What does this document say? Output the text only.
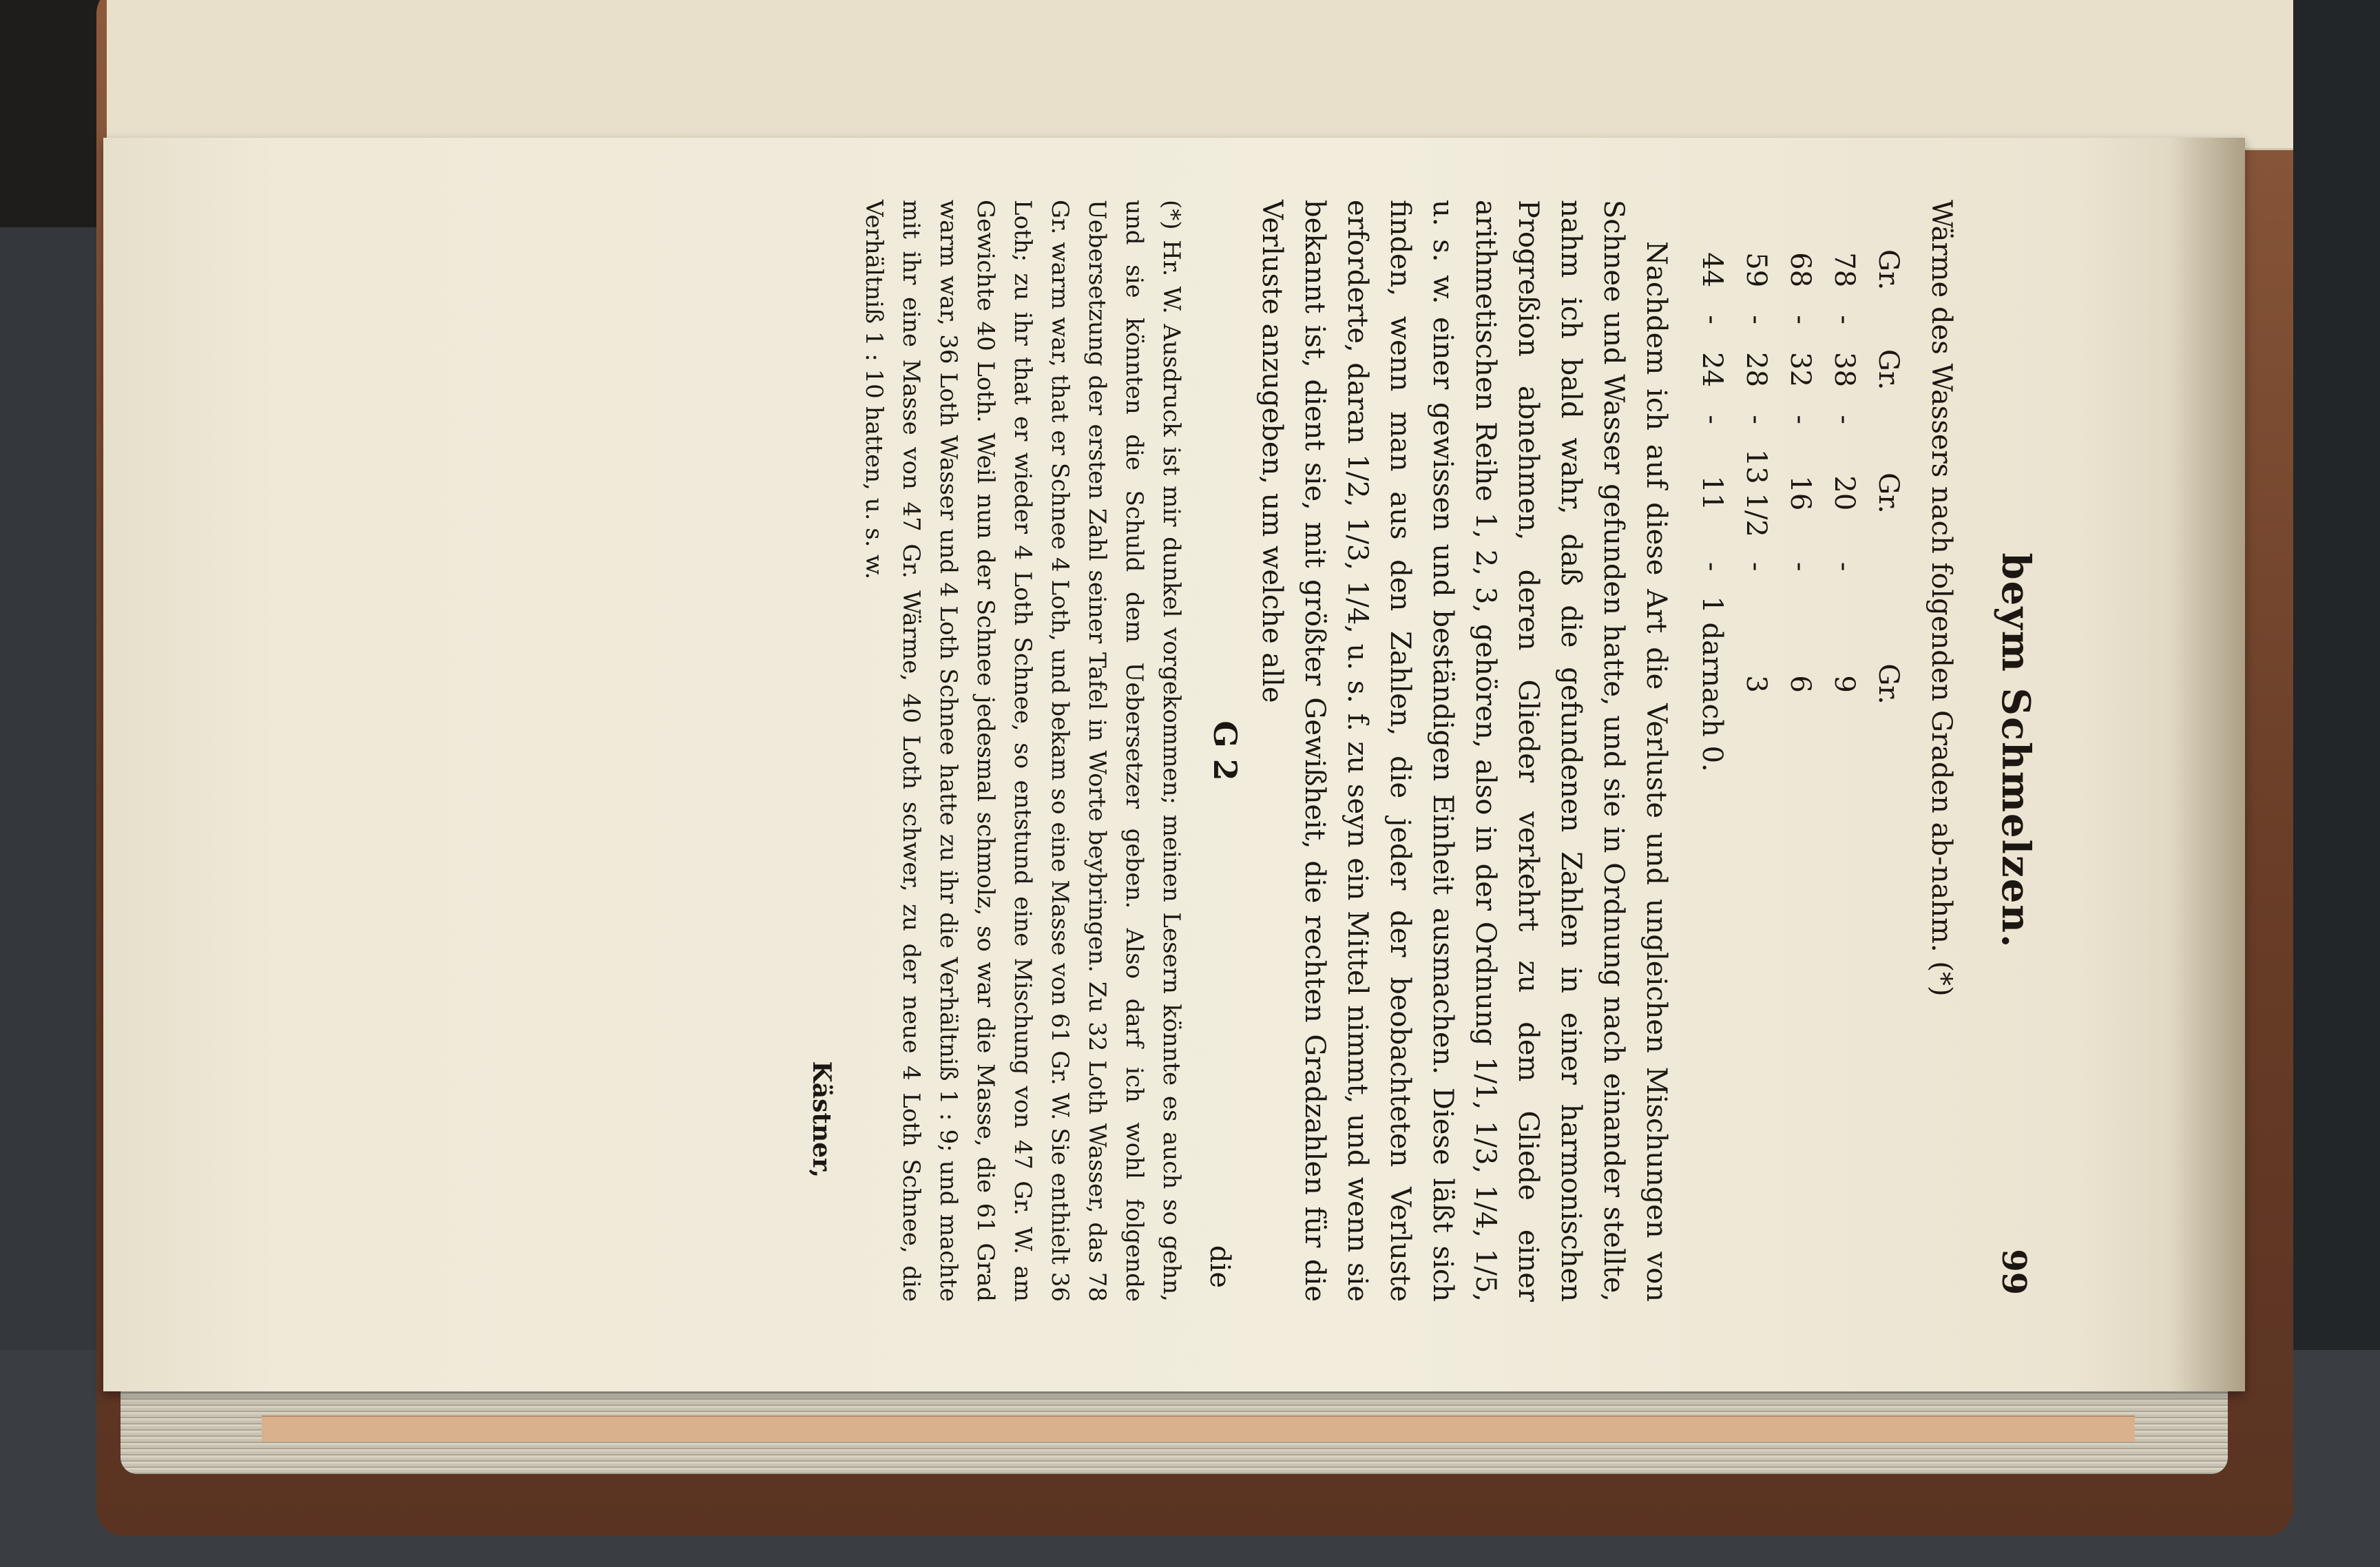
beym Schmelzen.
99

Wärme des Wassers nach folgenden Graden ab-nahm. (*)

Gr.		Gr.		Gr.		Gr.
78	-	38	-	20	-	9
68	-	32	-	16	-	6
59	-	28	-	13 1/2	-	3
44	-	24	-	11	-	1 darnach 0.

Nachdem ich auf diese Art die Verluste und ungleichen Mischungen von Schnee und Wasser gefunden hatte, und sie in Ordnung nach einander stellte, nahm ich bald wahr, daß die gefundenen Zahlen in einer harmonischen Progreßion abnehmen, deren Glieder verkehrt zu dem Gliede einer arithmetischen Reihe 1, 2, 3, gehören, also in der Ordnung 1/1, 1/3, 1/4, 1/5, u. s. w. einer gewissen und beständigen Einheit ausmachen. Diese läßt sich finden, wenn man aus den Zahlen, die jeder der beobachteten Verluste erforderte, daran 1/2, 1/3, 1/4, u. s. f. zu seyn ein Mittel nimmt, und wenn sie bekannt ist, dient sie, mit größter Gewißheit, die rechten Gradzahlen für die Verluste anzugeben, um welche alle

G 2
die

(*) Hr. W. Ausdruck ist mir dunkel vorgekommen; meinen Lesern könnte es auch so gehn, und sie könnten die Schuld dem Uebersetzer geben. Also darf ich wohl folgende Uebersetzung der ersten Zahl seiner Tafel in Worte beybringen. Zu 32 Loth Wasser, das 78 Gr. warm war, that er Schnee 4 Loth, und bekam so eine Masse von 61 Gr. W. Sie enthielt 36 Loth; zu ihr that er wieder 4 Loth Schnee, so entstund eine Mischung von 47 Gr. W. am Gewichte 40 Loth. Weil nun der Schnee jedesmal schmolz, so war die Masse, die 61 Grad warm war, 36 Loth Wasser und 4 Loth Schnee hatte zu ihr die Verhältniß 1 : 9; und machte mit ihr eine Masse von 47 Gr. Wärme, 40 Loth schwer, zu der neue 4 Loth Schnee, die Verhältniß 1 : 10 hatten, u. s. w.

Kästner,
